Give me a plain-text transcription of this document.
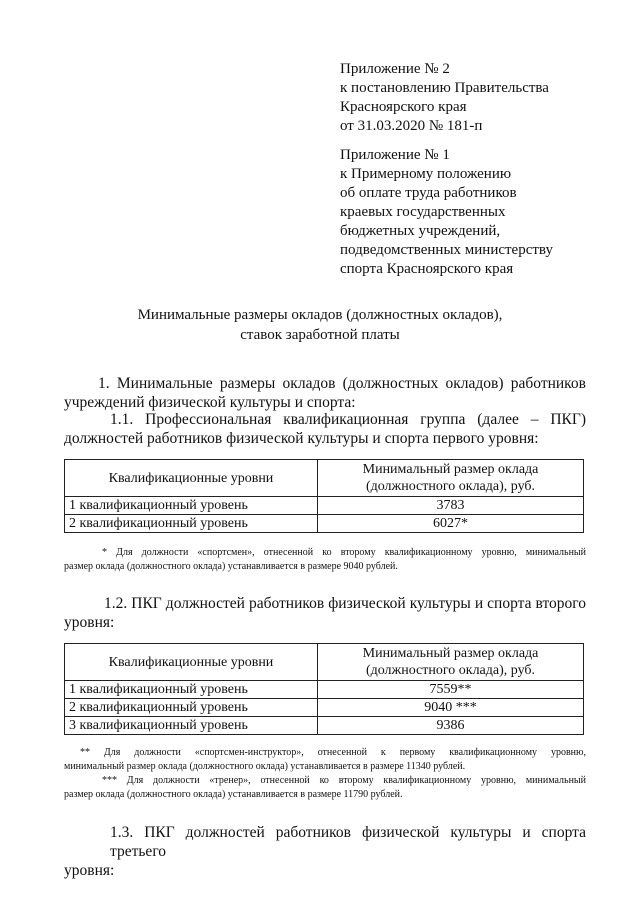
Приложение № 2
к постановлению Правительства
Красноярского края
от 31.03.2020 № 181-п
Приложение № 1
к Примерному положению
об оплате труда работников
краевых государственных
бюджетных учреждений,
подведомственных министерству
спорта Красноярского края
Минимальные размеры окладов (должностных окладов),
ставок заработной платы
1. Минимальные размеры окладов (должностных окладов) работников
учреждений физической культуры и спорта:
1.1. Профессиональная квалификационная группа (далее – ПКГ)
должностей работников физической культуры и спорта первого уровня:
Квалификационные уровни	Минимальный размер оклада
(должностного оклада), руб.

1 квалификационный уровень	3783
2 квалификационный уровень	6027*
* Для должности «спортсмен», отнесенной ко второму квалификационному уровню, минимальный
размер оклада (должностного оклада) устанавливается в размере 9040 рублей.
1.2. ПКГ должностей работников физической культуры и спорта второго
уровня:
Квалификационные уровни	Минимальный размер оклада
(должностного оклада), руб.

1 квалификационный уровень	7559**
2 квалификационный уровень	9040 ***
3 квалификационный уровень	9386
** Для должности «спортсмен-инструктор», отнесенной к первому квалификационному уровню,
минимальный размер оклада (должностного оклада) устанавливается в размере 11340 рублей.
*** Для должности «тренер», отнесенной ко второму квалификационному уровню, минимальный
размер оклада (должностного оклада) устанавливается в размере 11790 рублей.
1.3. ПКГ должностей работников физической культуры и спорта третьего
уровня:
